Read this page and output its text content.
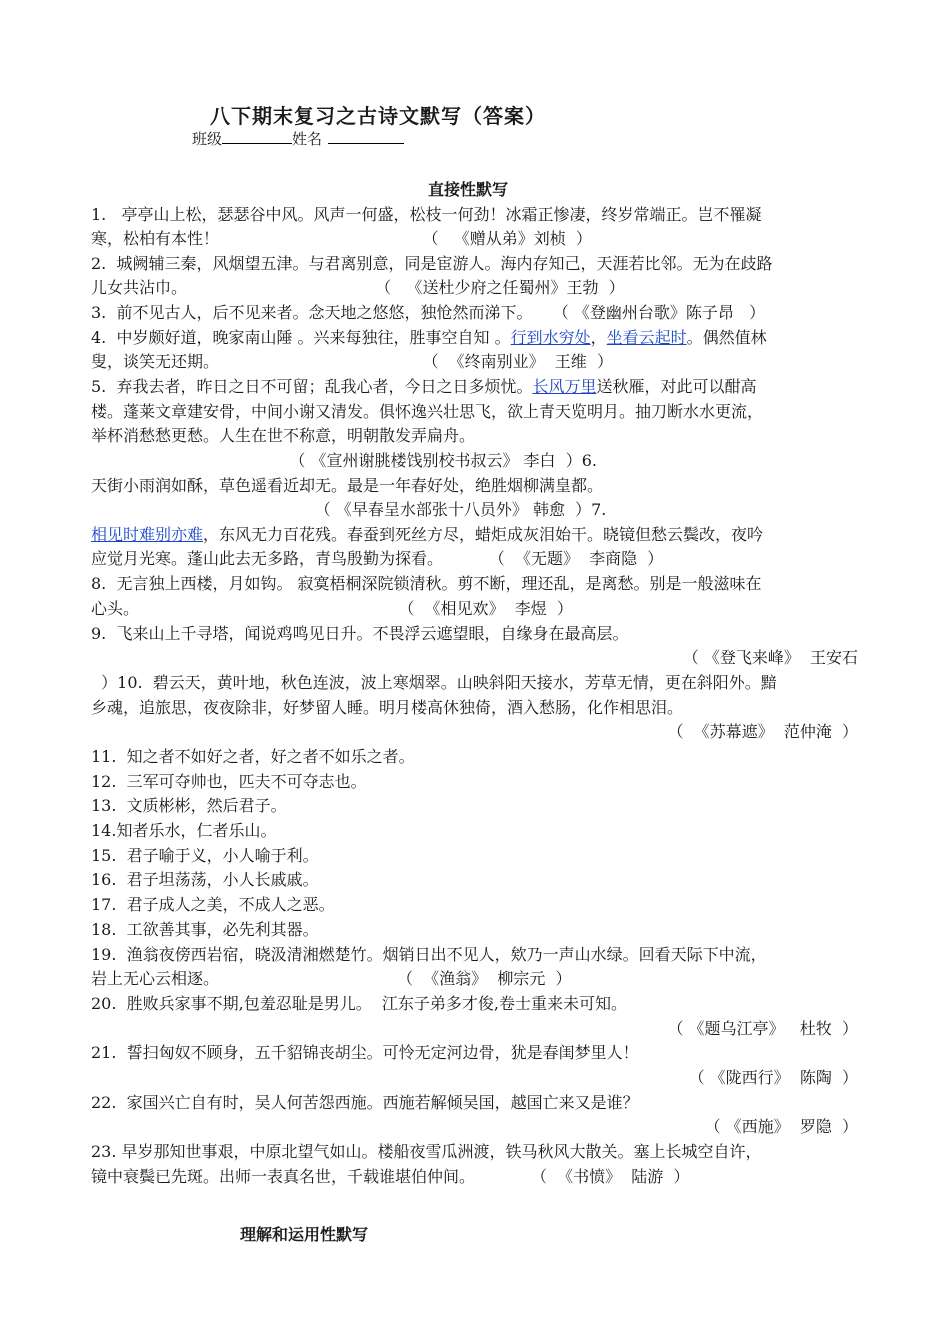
八下期末复习之古诗文默写（答案）
班级	姓名
直接性默写
1.   亭亭山上松，瑟瑟谷中风。风声一何盛，松枝一何劲！冰霜正惨凄，终岁常端正。岂不罹凝
寒，松柏有本性！                                        （   《赠从弟》刘桢  ）
2.  城阙辅三秦，风烟望五津。与君离别意，同是宦游人。海内存知己，天涯若比邻。无为在歧路
儿女共沾巾。                                     （   《送杜少府之任蜀州》王勃  ）
3.  前不见古人，后不见来者。念天地之悠悠，独怆然而涕下。    （ 《登幽州台歌》陈子昂   ）
4.  中岁颇好道，晚家南山陲 。兴来每独往，胜事空自知 。行到水穷处，坐看云起时。偶然值林
叟，谈笑无还期。                                        （  《终南别业》  王维  ）
5.  弃我去者，昨日之日不可留；乱我心者，今日之日多烦忧。长风万里送秋雁，对此可以酣高
楼。蓬莱文章建安骨，中间小谢又清发。俱怀逸兴壮思飞，欲上青天览明月。抽刀断水水更流，
举杯消愁愁更愁。人生在世不称意，明朝散发弄扁舟。
（ 《宣州谢朓楼饯别校书叔云》 李白  ）6.
天街小雨润如酥，草色遥看近却无。最是一年春好处，绝胜烟柳满皇都。
（ 《早春呈水部张十八员外》 韩愈  ）7.
相见时难别亦难，东风无力百花残。春蚕到死丝方尽，蜡炬成灰泪始干。晓镜但愁云鬓改，夜吟
应觉月光寒。蓬山此去无多路，青鸟殷勤为探看。         （  《无题》  李商隐  ）
8.  无言独上西楼，月如钩。 寂寞梧桐深院锁清秋。剪不断，理还乱，是离愁。别是一般滋味在
心头。                                                   （  《相见欢》  李煜  ）
9.  飞来山上千寻塔，闻说鸡鸣见日升。不畏浮云遮望眼，自缘身在最高层。
（ 《登飞来峰》  王安石
）10.  碧云天，黄叶地，秋色连波，波上寒烟翠。山映斜阳天接水，芳草无情，更在斜阳外。黯
乡魂，追旅思，夜夜除非，好梦留人睡。明月楼高休独倚，酒入愁肠，化作相思泪。
（  《苏幕遮》  范仲淹  ）
11.  知之者不如好之者，好之者不如乐之者。
12.  三军可夺帅也，匹夫不可夺志也。
13.  文质彬彬，然后君子。
14.知者乐水，仁者乐山。
15.  君子喻于义，小人喻于利。
16.  君子坦荡荡，小人长戚戚。
17.  君子成人之美，不成人之恶。
18.  工欲善其事，必先利其器。
19.  渔翁夜傍西岩宿，晓汲清湘燃楚竹。烟销日出不见人，欸乃一声山水绿。回看天际下中流，
岩上无心云相逐。                                   （  《渔翁》  柳宗元  ）
20.  胜败兵家事不期,包羞忍耻是男儿。  江东子弟多才俊,卷士重来未可知。
（ 《题乌江亭》   杜牧  ）
21.  誓扫匈奴不顾身，五千貂锦丧胡尘。可怜无定河边骨，犹是春闺梦里人！
（ 《陇西行》  陈陶  ）
22.  家国兴亡自有时，吴人何苦怨西施。西施若解倾吴国，越国亡来又是谁？
（ 《西施》  罗隐  ）
23. 早岁那知世事艰，中原北望气如山。楼船夜雪瓜洲渡，铁马秋风大散关。塞上长城空自许，
镜中衰鬓已先斑。出师一表真名世，千载谁堪伯仲间。           （  《书愤》  陆游  ）
理解和运用性默写
